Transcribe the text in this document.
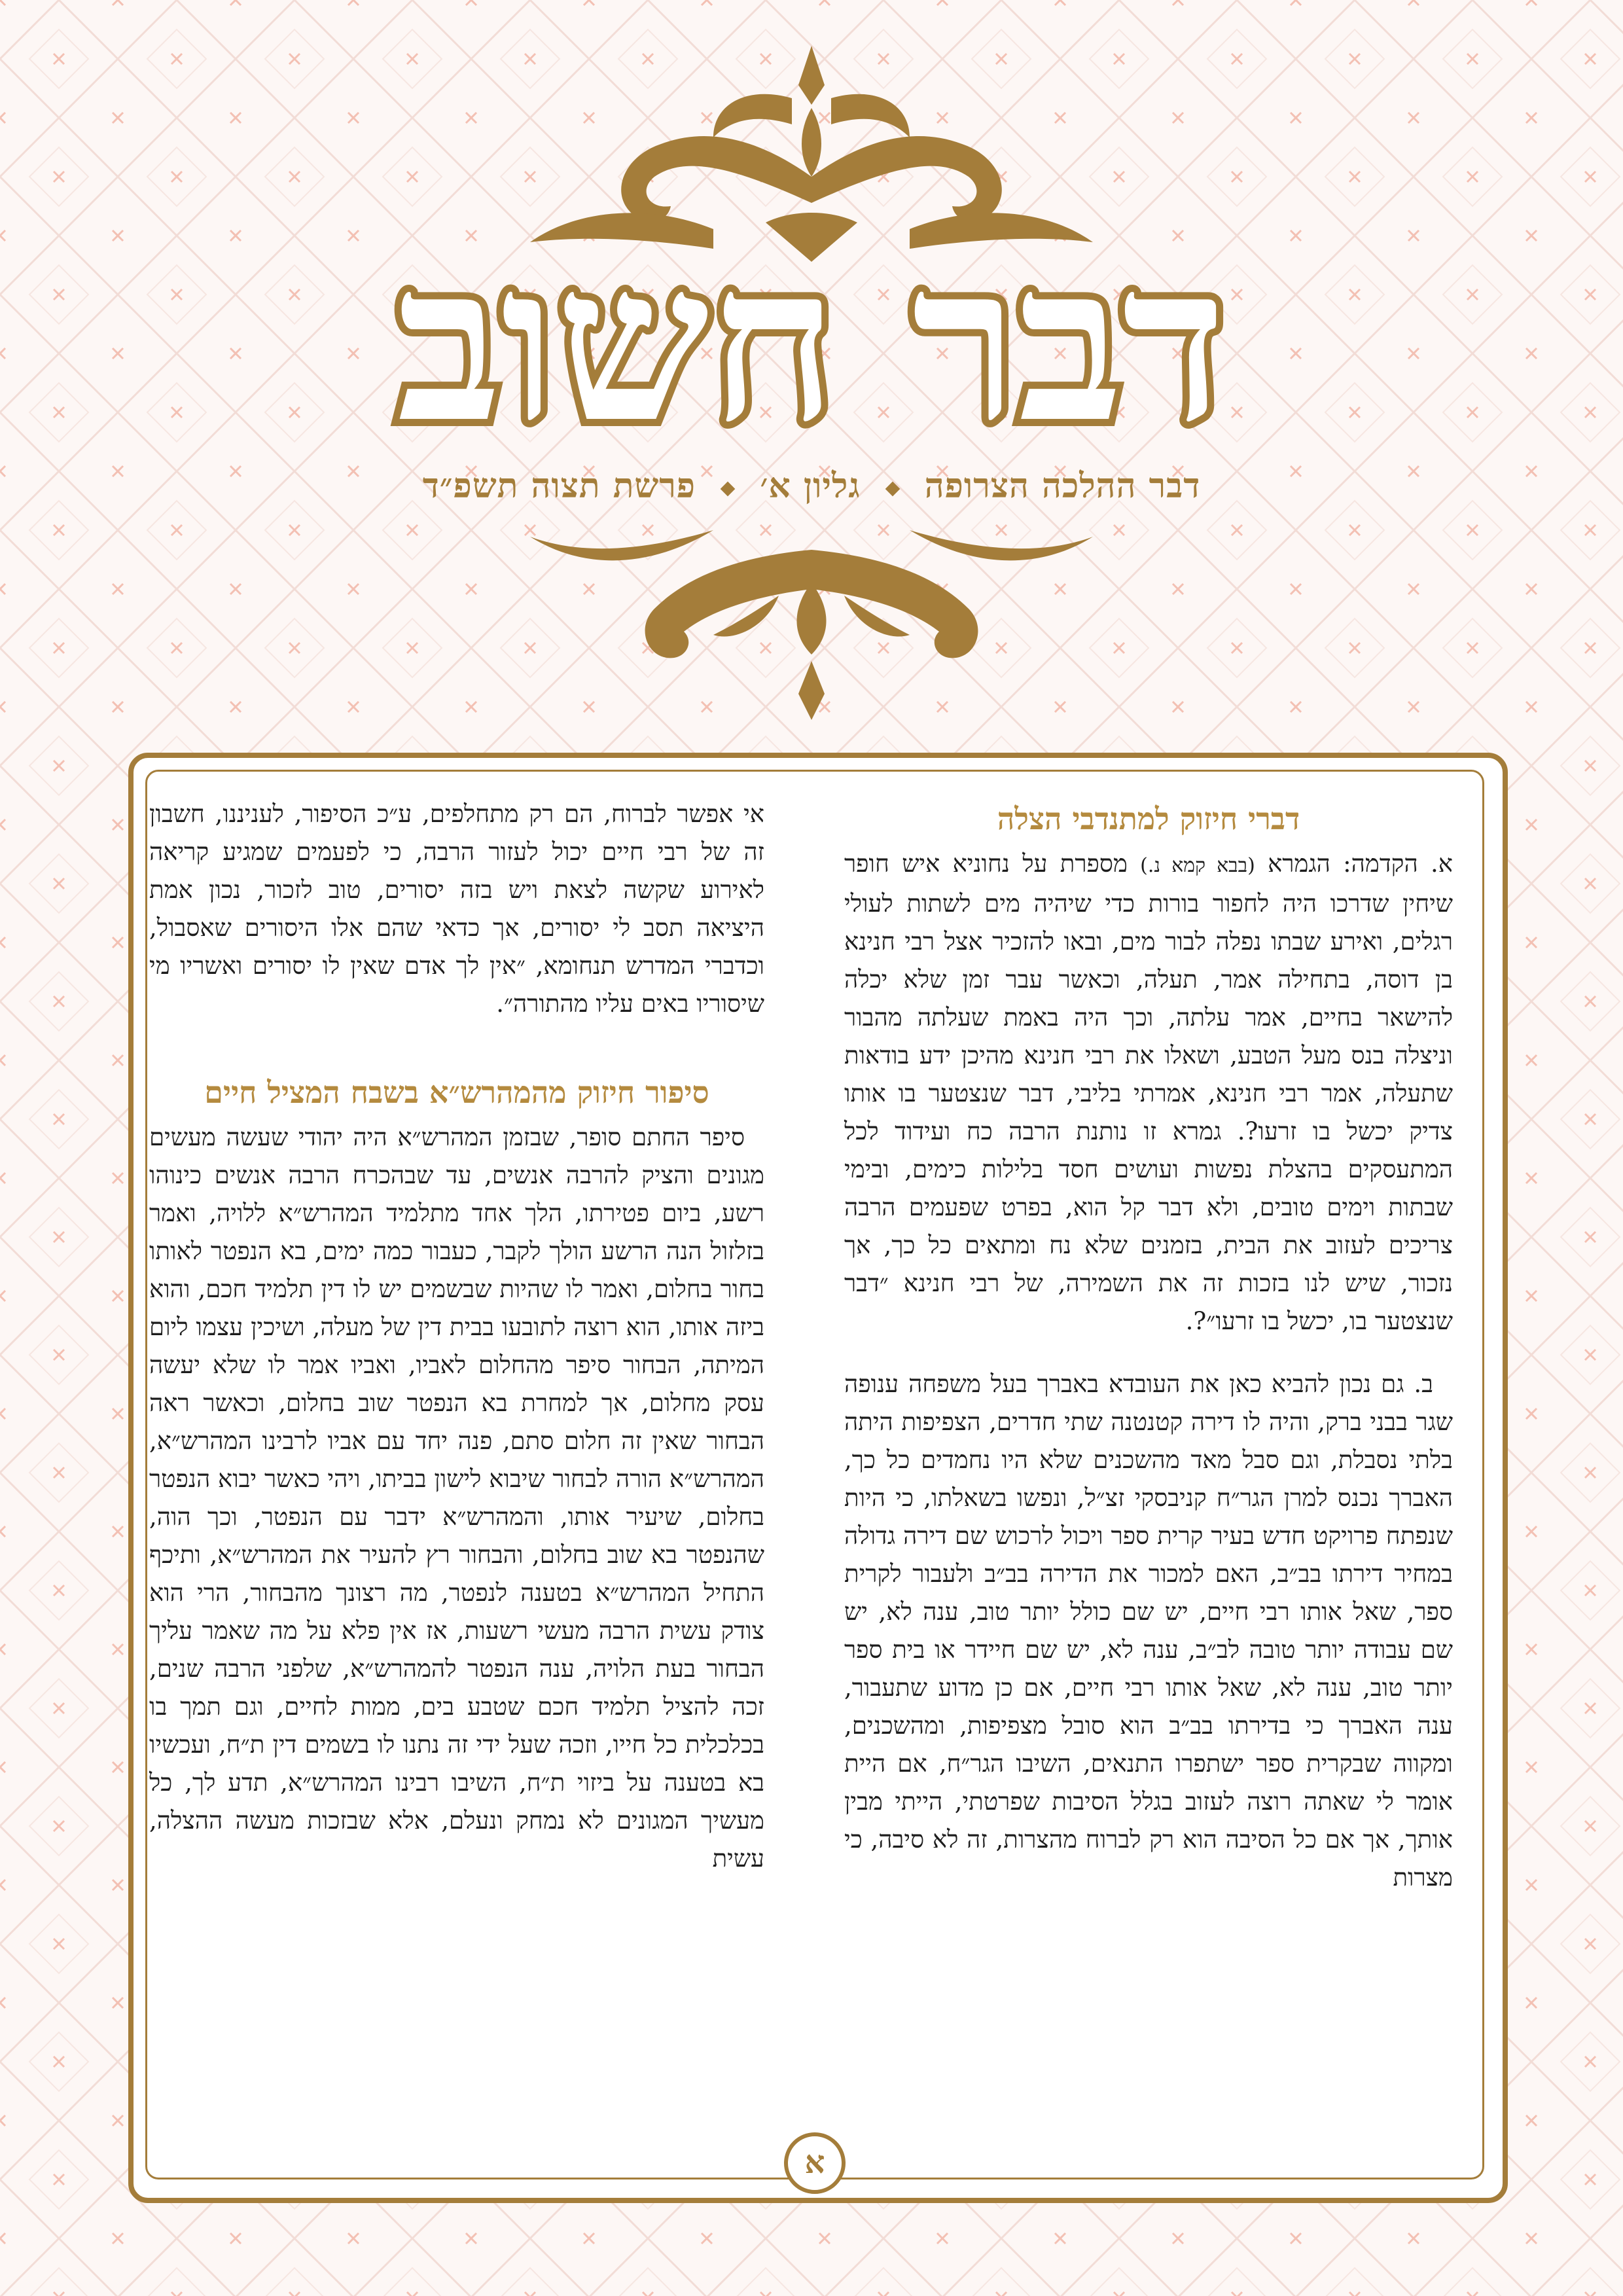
דבר חשוב
דבר ההלכה הצרופה  גליון א׳  פרשת תצוה תשפ״ד
דברי חיזוק למתנדבי הצלה

א. הקדמה: הגמרא (בבא קמא נ.) מספרת על נחוניא איש חופר שיחין שדרכו היה לחפור בורות כדי שיהיה מים לשתות לעולי רגלים, ואירע שבתו נפלה לבור מים, ובאו להזכיר אצל רבי חנינא בן דוסה, בתחילה אמר, תעלה, וכאשר עבר זמן שלא יכלה להישאר בחיים, אמר עלתה, וכך היה באמת שעלתה מהבור וניצלה בנס מעל הטבע, ושאלו את רבי חנינא מהיכן ידע בודאות שתעלה, אמר רבי חנינא, אמרתי בליבי, דבר שנצטער בו אותו צדיק יכשל בו זרעו?. גמרא זו נותנת הרבה כח ועידוד לכל המתעסקים בהצלת נפשות ועושים חסד בלילות כימים, ובימי שבתות וימים טובים, ולא דבר קל הוא, בפרט שפעמים הרבה צריכים לעזוב את הבית, בזמנים שלא נח ומתאים כל כך, אך נזכור, שיש לנו בזכות זה את השמירה, של רבי חנינא ״דבר שנצטער בו, יכשל בו זרעו״?.

ב. גם נכון להביא כאן את העובדא באברך בעל משפחה ענופה שגר בבני ברק, והיה לו דירה קטנטנה שתי חדרים, הצפיפות היתה בלתי נסבלת, וגם סבל מאד מהשכנים שלא היו נחמדים כל כך, האברך נכנס למרן הגר״ח קניבסקי זצ״ל, ונפשו בשאלתו, כי היות שנפתח פרויקט חדש בעיר קרית ספר ויכול לרכוש שם דירה גדולה במחיר דירתו בב״ב, האם למכור את הדירה בב״ב ולעבור לקרית ספר, שאל אותו רבי חיים, יש שם כולל יותר טוב, ענה לא, יש שם עבודה יותר טובה לב״ב, ענה לא, יש שם חיידר או בית ספר יותר טוב, ענה לא, שאל אותו רבי חיים, אם כן מדוע שתעבור, ענה האברך כי בדירתו בב״ב הוא סובל מצפיפות, ומהשכנים, ומקווה שבקרית ספר ישתפרו התנאים, השיבו הגר״ח, אם היית אומר לי שאתה רוצה לעזוב בגלל הסיבות שפרטתי, הייתי מבין אותך, אך אם כל הסיבה הוא רק לברוח מהצרות, זה לא סיבה, כי מצרות

אי אפשר לברוח, הם רק מתחלפים, ע״כ הסיפור, לעניננו, חשבון זה של רבי חיים יכול לעזור הרבה, כי לפעמים שמגיע קריאה לאירוע שקשה לצאת ויש בזה יסורים, טוב לזכור, נכון אמת היציאה תסב לי יסורים, אך כדאי שהם אלו היסורים שאסבול, וכדברי המדרש תנחומא, ״אין לך אדם שאין לו יסורים ואשריו מי שיסוריו באים עליו מהתורה״.

סיפור חיזוק מהמהרש״א בשבח המציל חיים

סיפר החתם סופר, שבזמן המהרש״א היה יהודי שעשה מעשים מגונים והציק להרבה אנשים, עד שבהכרח הרבה אנשים כינוהו רשע, ביום פטירתו, הלך אחד מתלמיד המהרש״א ללויה, ואמר בזלזול הנה הרשע הולך לקבר, כעבור כמה ימים, בא הנפטר לאותו בחור בחלום, ואמר לו שהיות שבשמים יש לו דין תלמיד חכם, והוא ביזה אותו, הוא רוצה לתובעו בבית דין של מעלה, ושיכין עצמו ליום המיתה, הבחור סיפר מהחלום לאביו, ואביו אמר לו שלא יעשה עסק מחלום, אך למחרת בא הנפטר שוב בחלום, וכאשר ראה הבחור שאין זה חלום סתם, פנה יחד עם אביו לרבינו המהרש״א, המהרש״א הורה לבחור שיבוא לישון בביתו, ויהי כאשר יבוא הנפטר בחלום, שיעיר אותו, והמהרש״א ידבר עם הנפטר, וכך הוה, שהנפטר בא שוב בחלום, והבחור רץ להעיר את המהרש״א, ותיכף התחיל המהרש״א בטענה לנפטר, מה רצונך מהבחור, הרי הוא צודק עשית הרבה מעשי רשעות, אז אין פלא על מה שאמר עליך הבחור בעת הלויה, ענה הנפטר להמהרש״א, שלפני הרבה שנים, זכה להציל תלמיד חכם שטבע בים, ממות לחיים, וגם תמך בו בכלכלית כל חייו, וזכה שעל ידי זה נתנו לו בשמים דין ת״ח, ועכשיו בא בטענה על ביזוי ת״ח, השיבו רבינו המהרש״א, תדע לך, כל מעשיך המגונים לא נמחק ונעלם, אלא שבזכות מעשה ההצלה, עשית

א
